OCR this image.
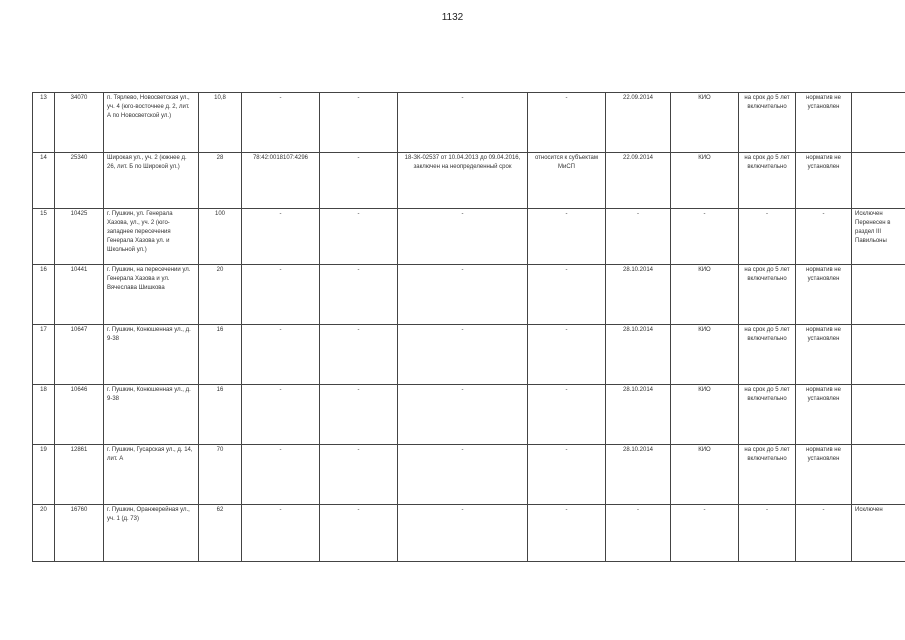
1132
13	34070	п. Тярлево, Новосветская ул., уч. 4 (юго-восточнее д. 2, лит. А по Новосветской ул.)	10,8	-	-	-	-	22.09.2014	КИО	на срок до 5 лет включительно	норматив не установлен	
14	25340	Широкая ул., уч. 2 (южнее д. 26, лит. Б по Широкой ул.)	28	78:42:0018107:4296	-	18-ЗК-02537 от 10.04.2013 до 09.04.2016, заключен на неопределенный срок	относится к субъектам МиСП	22.09.2014	КИО	на срок до 5 лет включительно	норматив не установлен	
15	10425	г. Пушкин, ул. Генерала Хазова, ул., уч. 2 (юго-западнее пересечения Генерала Хазова ул. и Школьной ул.)	100	-	-	-	-	-	-	-	-	Исключен Перенесен в раздел III Павильоны
16	10441	г. Пушкин, на пересечении ул. Генерала Хазова и ул. Вячеслава Шишкова	20	-	-	-	-	28.10.2014	КИО	на срок до 5 лет включительно	норматив не установлен	
17	10647	г. Пушкин, Конюшенная ул., д. 9-38	16	-	-	-	-	28.10.2014	КИО	на срок до 5 лет включительно	норматив не установлен	
18	10646	г. Пушкин, Конюшенная ул., д. 9-38	16	-	-	-	-	28.10.2014	КИО	на срок до 5 лет включительно	норматив не установлен	
19	12861	г. Пушкин, Гусарская ул., д. 14, лит. А	70	-	-	-	-	28.10.2014	КИО	на срок до 5 лет включительно	норматив не установлен	
20	16760	г. Пушкин, Оранжерейная ул., уч. 1 (д. 73)	62	-	-	-	-	-	-	-	-	Исключен
